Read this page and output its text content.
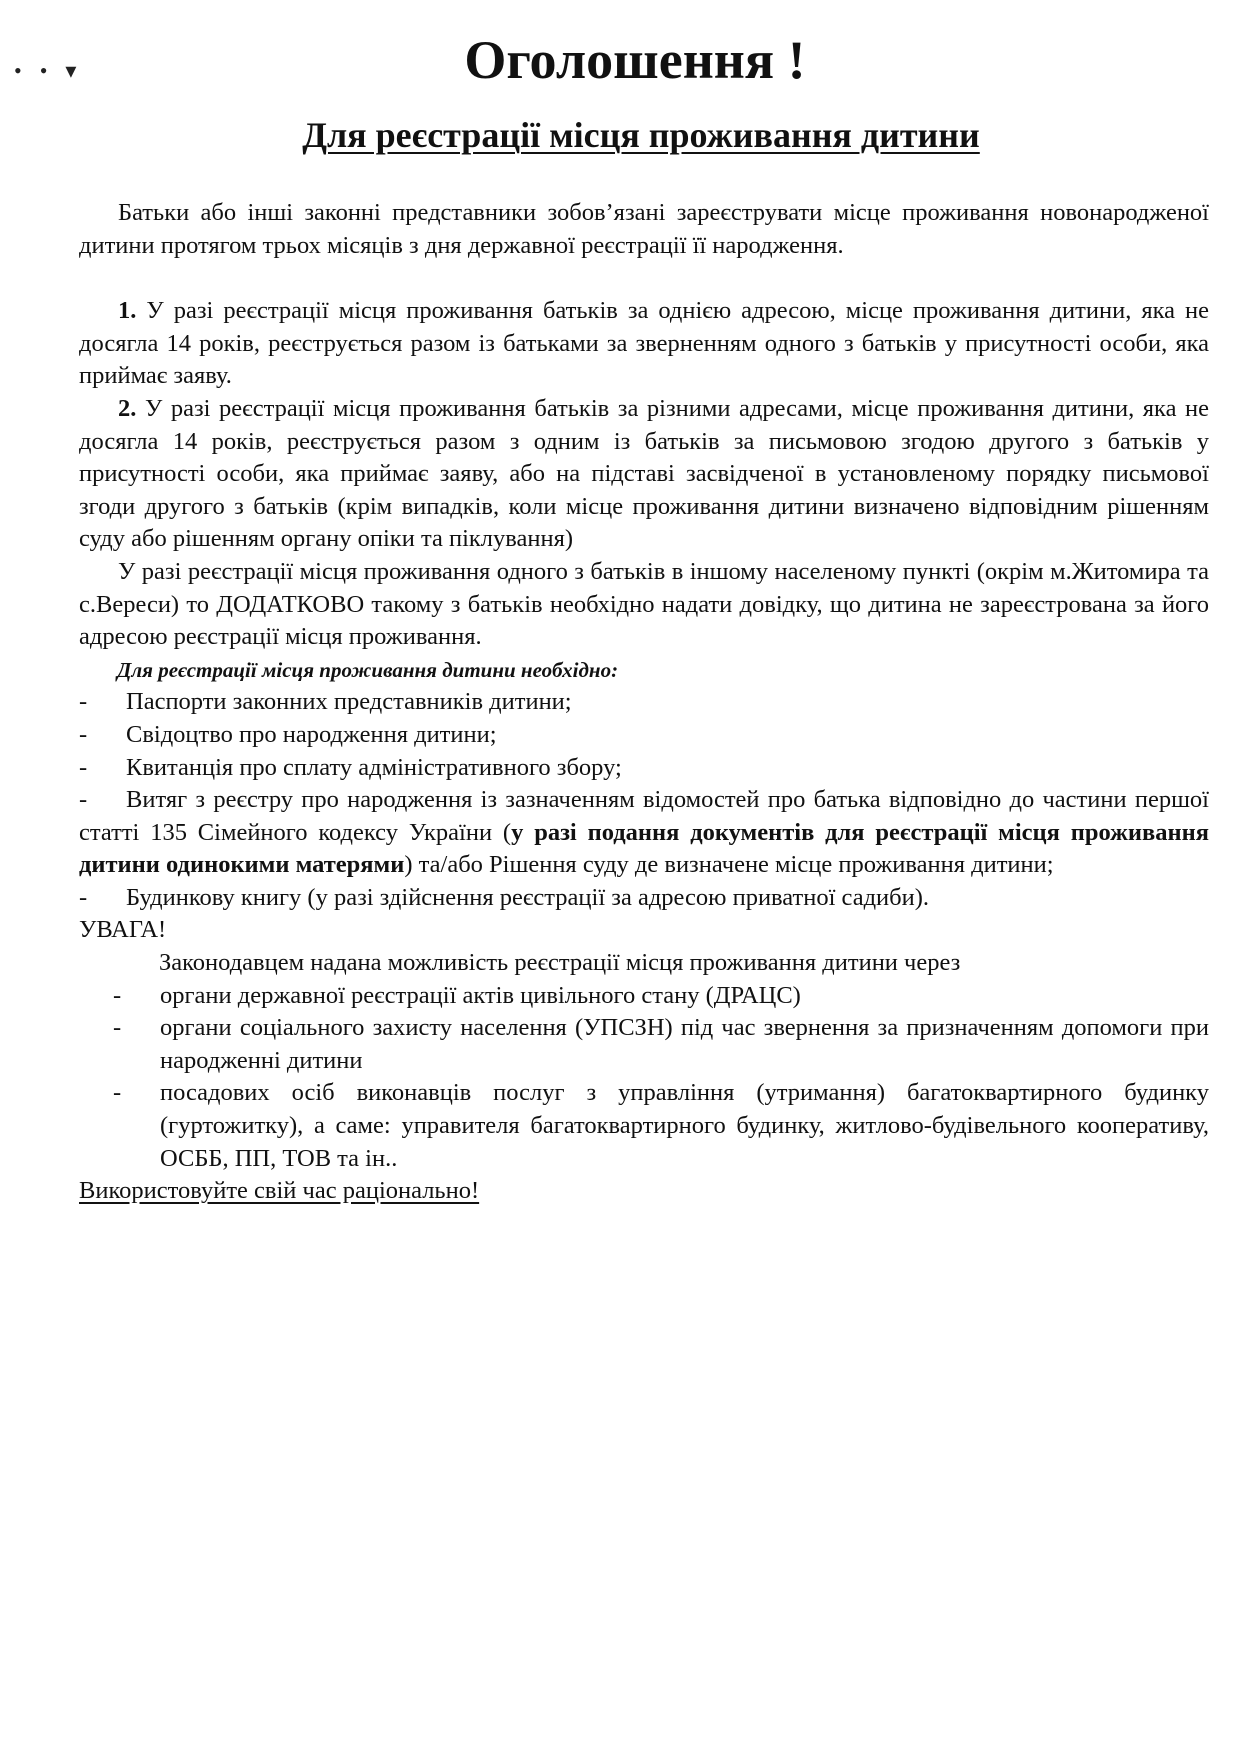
••▾	Оголошення !
Для реєстрації місця проживання дитини

Батьки або інші законні представники зобов’язані зареєструвати місце проживання новонародженої дитини протягом трьох місяців з дня державної реєстрації її народження.

1. У разі реєстрації місця проживання батьків за однією адресою, місце проживання дитини, яка не досягла 14 років, реєструється разом із батьками за зверненням одного з батьків у присутності особи, яка приймає заяву.

2. У разі реєстрації місця проживання батьків за різними адресами, місце проживання дитини, яка не досягла 14 років, реєструється разом з одним із батьків за письмовою згодою другого з батьків у присутності особи, яка приймає заяву, або на підставі засвідченої в установленому порядку письмової згоди другого з батьків (крім випадків, коли місце проживання дитини визначено відповідним рішенням суду або рішенням органу опіки та піклування)

У разі реєстрації місця проживання одного з батьків в іншому населеному пункті (окрім м.Житомира та с.Вереси) то ДОДАТКОВО такому з батьків необхідно надати довідку, що дитина не зареєстрована за його адресою реєстрації місця проживання.

Для реєстрації місця проживання дитини необхідно:

- Паспорти законних представників дитини;
- Свідоцтво про народження дитини;
- Квитанція про сплату адміністративного збору;
- Витяг з реєстру про народження із зазначенням відомостей про батька відповідно до частини першої статті 135 Сімейного кодексу України (у разі подання документів для реєстрації місця проживання дитини одинокими матерями) та/або Рішення суду де визначене місце проживання дитини;
- Будинкову книгу (у разі здійснення реєстрації за адресою приватної садиби).

УВАГА!

Законодавцем надана можливість реєстрації місця проживання дитини через

- органи державної реєстрації актів цивільного стану (ДРАЦС)
- органи соціального захисту населення (УПСЗН) під час звернення за призначенням допомоги при народженні дитини
- посадових осіб виконавців послуг з управління (утримання) багатоквартирного будинку (гуртожитку), а саме: управителя багатоквартирного будинку, житлово-будівельного кооперативу, ОСББ, ПП, ТОВ та ін..

Використовуйте свій час раціонально!
